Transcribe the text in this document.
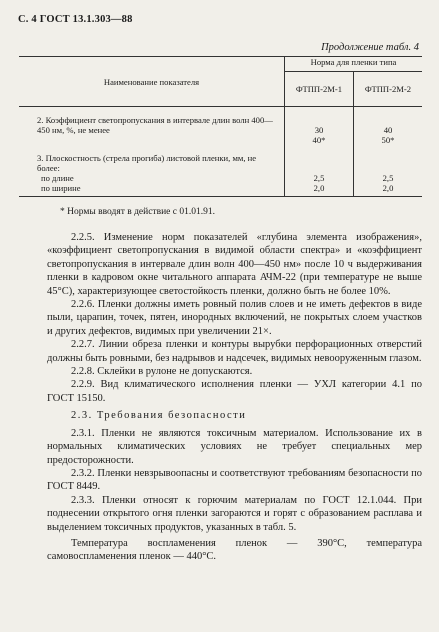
С. 4 ГОСТ 13.1.303—88
Продолжение табл. 4
Наименование показателя	Норма для пленки типа	
	ФТПП-2М-1	ФТПП-2М-2

2. Коэффициент светопропускания в интервале длин волн 400—450 нм, %, не менее	30	40
	40*	50*

3. Плоскостность (стрела прогиба) листовой пленки, мм, не более:		
по длине	2,5	2,5
по ширине	2,0	2,0
* Нормы вводят в действие с 01.01.91.

2.2.5. Изменение норм показателей «глубина элемента изображения», «коэффициент светопропускания в видимой области спектра» и «коэффициент светопропускания в интервале длин волн 400—450 нм» после 10 ч выдерживания пленки в кадровом окне читального аппарата АЧМ-22 (при температуре не выше 45°С), характеризующее светостойкость пленки, должно быть не более 10%.

2.2.6. Пленки должны иметь ровный полив слоев и не иметь дефектов в виде пыли, царапин, точек, пятен, инородных включений, не покрытых слоем участков и других дефектов, видимых при увеличении 21×.

2.2.7. Линии обреза пленки и контуры вырубки перфорационных отверстий должны быть ровными, без надрывов и надсечек, видимых невооруженным глазом.

2.2.8. Склейки в рулоне не допускаются.

2.2.9. Вид климатического исполнения пленки — УХЛ категории 4.1 по ГОСТ 15150.

2.3. Требования безопасности

2.3.1. Пленки не являются токсичным материалом. Использование их в нормальных климатических условиях не требует специальных мер предосторожности.

2.3.2. Пленки невзрывоопасны и соответствуют требованиям безопасности по ГОСТ 8449.

2.3.3. Пленки относят к горючим материалам по ГОСТ 12.1.044. При поднесении открытого огня пленки загораются и горят с образованием расплава и выделением токсичных продуктов, указанных в табл. 5.

Температура воспламенения пленок — 390°С, температура самовоспламенения пленок — 440°С.
